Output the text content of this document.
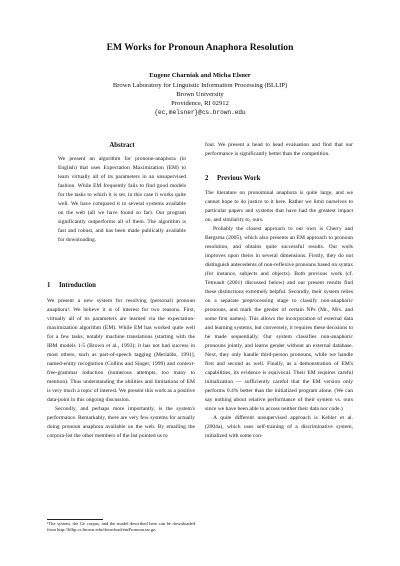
EM Works for Pronoun Anaphora Resolution
Eugene Charniak and Micha Elsner
Brown Laboratory for Linguistic Information Processing (BLLIP)
Brown University
Providence, RI 02912
{ec,melsner}@cs.brown.edu
Abstract

We present an algorithm for pronoun-anaphora (in English) that uses Expectation Maximization (EM) to learn virtually all of its parameters in an unsupervised fashion. While EM frequently fails to find good models for the tasks to which it is set, in this case it works quite well. We have compared it to several systems available on the web (all we have found so far). Our program significantly outperforms all of them. The algorithm is fast and robust, and has been made publically available for downloading.

1 Introduction

We present a new system for resolving (personal) pronoun anaphora¹. We believe it is of interest for two reasons. First, virtually all of its parameters are learned via the expectation-maximization algorithm (EM). While EM has worked quite well for a few tasks, notably machine translations (starting with the IBM models 1-5 (Brown et al., 1993); it has not had success in most others, such as part-of-speech tagging (Merialdo, 1991), named-entity recognition (Collins and Singer, 1999) and context-free-grammar induction (numerous attempts, too many to mention). Thus understanding the abilities and limitations of EM is very much a topic of interest. We present this work as a positive data-point in this ongoing discussion.

Secondly, and perhaps more importantly, is the system's performance. Remarkably, there are very few systems for actually doing pronoun anaphora available on the web. By emailing the corpora-list the other members of the list pointed us to

¹The system, the Ge corpus, and the model described here can be downloaded from http://bllip.cs.brown.edu/download/emPronoun.tar.gz.

four. We present a head to head evaluation and find that our performance is significantly better than the competition.

2 Previous Work

The literature on pronominal anaphora is quite large, and we cannot hope to do justice to it here. Rather we limit ourselves to particular papers and systems that have had the greatest impact on, and similarity to, ours.

Probably the closest approach to our own is Cherry and Bergsma (2005), which also presents an EM approach to pronoun resolution, and obtains quite successful results. Our work improves upon theirs in several dimensions. Firstly, they do not distinguish antecedents of non-reflexive pronouns based on syntax (for instance, subjects and objects). Both previous work (cf. Tetreault (2001) discussed below) and our present results find these distinctions extremely helpful. Secondly, their system relies on a separate preprocessing stage to classify non-anaphoric pronouns, and mark the gender of certain NPs (Mr., Mrs. and some first names). This allows the incorporation of external data and learning systems, but conversely, it requires these decisions to be made sequentially. Our system classifies non-anaphoric pronouns jointly, and learns gender without an external database. Next, they only handle third-person pronouns, while we handle first and second as well. Finally, as a demonstration of EM's capabilities, its evidence is equivocal. Their EM requires careful initialization — sufficiently careful that the EM version only performs 0.4% better than the initialized program alone. (We can say nothing about relative performance of their system vs. ours since we have been able to access neither their data nor code.)

A quite different unsupervised approach is Kehler et al. (2004a), which uses self-training of a discriminative system, initialized with some con-
